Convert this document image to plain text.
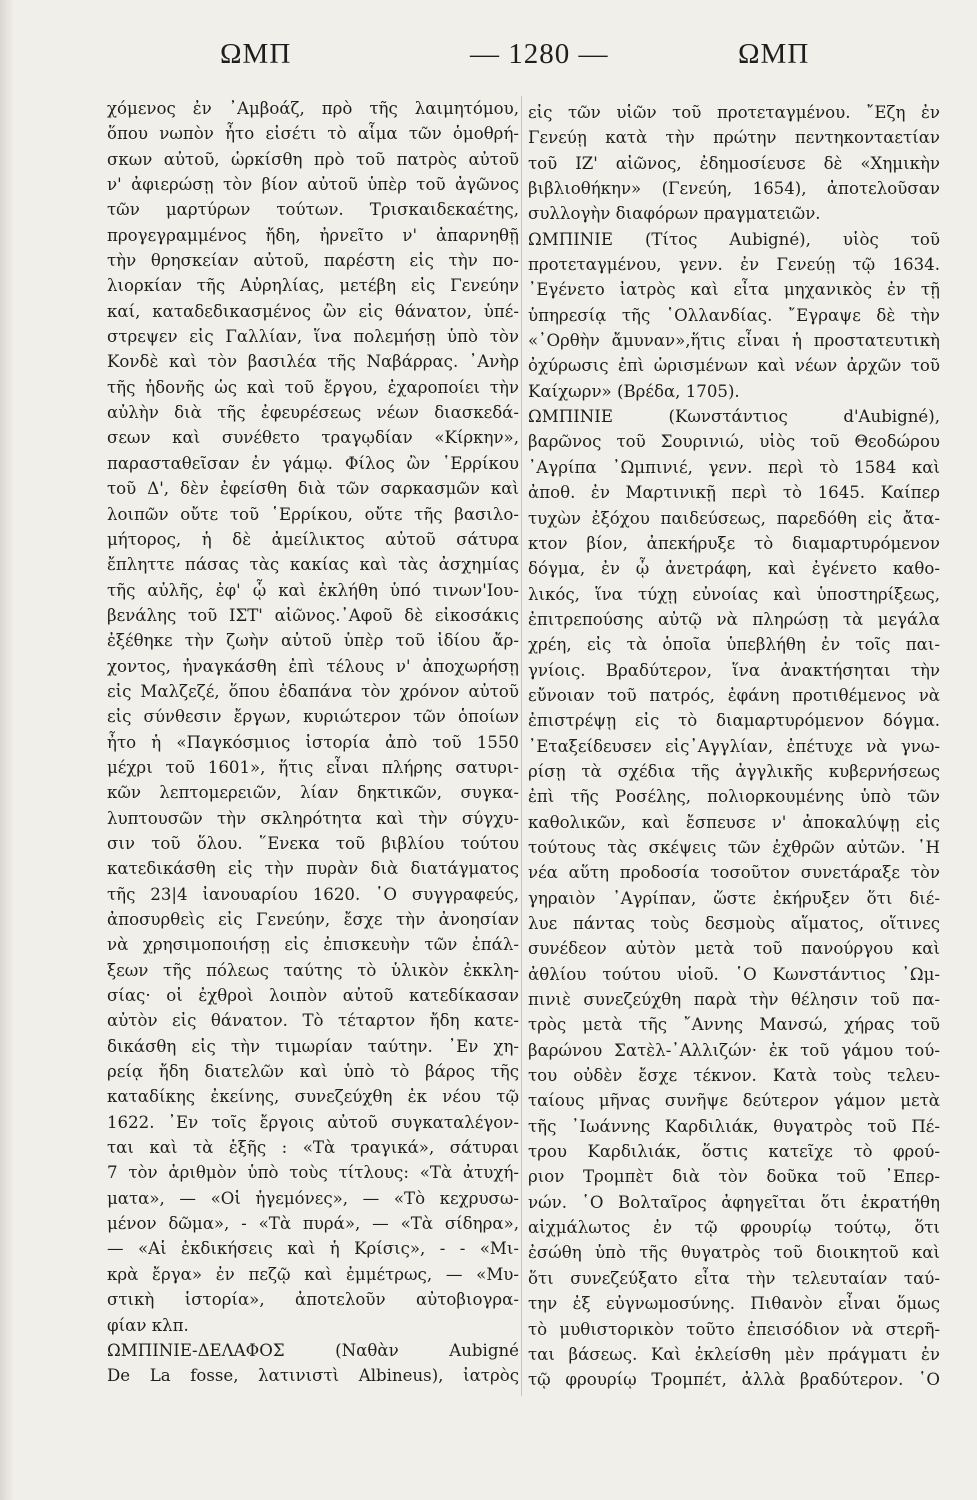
ΩΜΠ	— 1280 —	ΩΜΠ
χόμενος ἐν ᾿Αμβοάζ, πρὸ τῆς λαιμητόμου,
ὅπου νωπὸν ἦτο εἰσέτι τὸ αἷμα τῶν ὁμοθρή-
σκων αὐτοῦ, ὡρκίσθη πρὸ τοῦ πατρὸς αὐτοῦ
ν' ἀφιερώσῃ τὸν βίον αὐτοῦ ὑπὲρ τοῦ ἀγῶνος
τῶν μαρτύρων τούτων. Τρισκαιδεκαέτης,
προγεγραμμένος ἤδη, ἠρνεῖτο ν' ἀπαρνηθῇ
τὴν θρησκείαν αὐτοῦ, παρέστη εἰς τὴν πο-
λιορκίαν τῆς Αὐρηλίας, μετέβη εἰς Γενεύην
καί, καταδεδικασμένος ὢν εἰς θάνατον, ὑπέ-
στρεψεν εἰς Γαλλίαν, ἵνα πολεμήσῃ ὑπὸ τὸν
Κονδὲ καὶ τὸν βασιλέα τῆς Ναβάρρας. ᾿Ανὴρ
τῆς ἡδονῆς ὡς καὶ τοῦ ἔργου, ἐχαροποίει τὴν
αὐλὴν διὰ τῆς ἐφευρέσεως νέων διασκεδά-
σεων καὶ συνέθετο τραγῳδίαν «Κίρκην»,
παρασταθεῖσαν ἐν γάμῳ. Φίλος ὢν ῾Ερρίκου
τοῦ Δ', δὲν ἐφείσθη διὰ τῶν σαρκασμῶν καὶ
λοιπῶν οὔτε τοῦ ῾Ερρίκου, οὔτε τῆς βασιλο-
μήτορος, ἡ δὲ ἀμείλικτος αὐτοῦ σάτυρα
ἔπληττε πάσας τὰς κακίας καὶ τὰς ἀσχημίας
τῆς αὐλῆς, ἐφ' ᾧ καὶ ἐκλήθη ὑπό τινων'Ιου-
βενάλης τοῦ ΙΣΤ' αἰῶνος.᾿Αφοῦ δὲ εἰκοσάκις
ἐξέθηκε τὴν ζωὴν αὐτοῦ ὑπὲρ τοῦ ἰδίου ἄρ-
χοντος, ἠναγκάσθη ἐπὶ τέλους ν' ἀποχωρήσῃ
εἰς Μαλζεζέ, ὅπου ἐδαπάνα τὸν χρόνον αὐτοῦ
εἰς σύνθεσιν ἔργων, κυριώτερον τῶν ὁποίων
ἦτο ἡ «Παγκόσμιος ἱστορία ἀπὸ τοῦ 1550
μέχρι τοῦ 1601», ἥτις εἶναι πλήρης σατυρι-
κῶν λεπτομερειῶν, λίαν δηκτικῶν, συγκα-
λυπτουσῶν τὴν σκληρότητα καὶ τὴν σύγχυ-
σιν τοῦ ὅλου. ῞Ενεκα τοῦ βιβλίου τούτου
κατεδικάσθη εἰς τὴν πυρὰν διὰ διατάγματος
τῆς 23|4 ἰανουαρίου 1620. ῾Ο συγγραφεύς,
ἀποσυρθεὶς εἰς Γενεύην, ἔσχε τὴν ἀνοησίαν
νὰ χρησιμοποιήσῃ εἰς ἐπισκευὴν τῶν ἐπάλ-
ξεων τῆς πόλεως ταύτης τὸ ὑλικὸν ἐκκλη-
σίας· οἱ ἐχθροὶ λοιπὸν αὐτοῦ κατεδίκασαν
αὐτὸν εἰς θάνατον. Τὸ τέταρτον ἤδη κατε-
δικάσθη εἰς τὴν τιμωρίαν ταύτην. ᾿Εν χη-
ρείᾳ ἤδη διατελῶν καὶ ὑπὸ τὸ βάρος τῆς
καταδίκης ἐκείνης, συνεζεύχθη ἐκ νέου τῷ
1622. ᾿Εν τοῖς ἔργοις αὐτοῦ συγκαταλέγον-
ται καὶ τὰ ἑξῆς : «Τὰ τραγικά», σάτυραι
7 τὸν ἀριθμὸν ὑπὸ τοὺς τίτλους: «Τὰ ἀτυχή-
ματα», — «Οἱ ἡγεμόνες», — «Τὸ κεχρυσω-
μένον δῶμα», - «Τὰ πυρά», — «Τὰ σίδηρα»,
— «Αἱ ἐκδικήσεις καὶ ἡ Κρίσις», - - «Μι-
κρὰ ἔργα» ἐν πεζῷ καὶ ἐμμέτρως, — «Μυ-
στικὴ ἱστορία», ἀποτελοῦν αὐτοβιογρα-
φίαν κλπ.
ΩΜΠΙΝΙΕ-ΔΕΛΑΦΟΣ (Ναθὰν Aubigné
De La fosse, λατινιστὶ Albineus), ἰατρὸς
εἰς τῶν υἱῶν τοῦ προτεταγμένου. ῎Εζη ἐν
Γενεύῃ κατὰ τὴν πρώτην πεντηκονταετίαν
τοῦ ΙΖ' αἰῶνος, ἐδημοσίευσε δὲ «Χημικὴν
βιβλιοθήκην» (Γενεύη, 1654), ἀποτελοῦσαν
συλλογὴν διαφόρων πραγματειῶν.
ΩΜΠΙΝΙΕ (Τίτος Aubigné), υἱὸς τοῦ
προτεταγμένου, γενν. ἐν Γενεύῃ τῷ 1634.
᾿Εγένετο ἰατρὸς καὶ εἶτα μηχανικὸς ἐν τῇ
ὑπηρεσίᾳ τῆς ῾Ολλανδίας. ῎Εγραψε δὲ τὴν
«᾿Ορθὴν ἄμυναν»,ἥτις εἶναι ἡ προστατευτικὴ
ὀχύρωσις ἐπὶ ὡρισμένων καὶ νέων ἀρχῶν τοῦ
Καίχωρν» (Βρέδα, 1705).
ΩΜΠΙΝΙΕ (Κωνστάντιος d'Aubigné),
βαρῶνος τοῦ Σουρινιώ, υἱὸς τοῦ Θεοδώρου
᾿Αγρίπα ᾿Ωμπινιέ, γενν. περὶ τὸ 1584 καὶ
ἀποθ. ἐν Μαρτινικῇ περὶ τὸ 1645. Καίπερ
τυχὼν ἐξόχου παιδεύσεως, παρεδόθη εἰς ἄτα-
κτον βίον, ἀπεκήρυξε τὸ διαμαρτυρόμενον
δόγμα, ἐν ᾧ ἀνετράφη, καὶ ἐγένετο καθο-
λικός, ἵνα τύχῃ εὐνοίας καὶ ὑποστηρίξεως,
ἐπιτρεπούσης αὐτῷ νὰ πληρώσῃ τὰ μεγάλα
χρέη, εἰς τὰ ὁποῖα ὑπεβλήθη ἐν τοῖς παι-
γνίοις. Βραδύτερον, ἵνα ἀνακτήσηται τὴν
εὔνοιαν τοῦ πατρός, ἐφάνη προτιθέμενος νὰ
ἐπιστρέψῃ εἰς τὸ διαμαρτυρόμενον δόγμα.
᾿Εταξείδευσεν εἰς᾿Αγγλίαν, ἐπέτυχε νὰ γνω-
ρίσῃ τὰ σχέδια τῆς ἀγγλικῆς κυβερνήσεως
ἐπὶ τῆς Ροσέλης, πολιορκουμένης ὑπὸ τῶν
καθολικῶν, καὶ ἔσπευσε ν' ἀποκαλύψῃ εἰς
τούτους τὰς σκέψεις τῶν ἐχθρῶν αὐτῶν. ῾Η
νέα αὕτη προδοσία τοσοῦτον συνετάραξε τὸν
γηραιὸν ᾿Αγρίπαν, ὥστε ἐκήρυξεν ὅτι διέ-
λυε πάντας τοὺς δεσμοὺς αἵματος, οἵτινες
συνέδεον αὐτὸν μετὰ τοῦ πανούργου καὶ
ἀθλίου τούτου υἱοῦ. ῾Ο Κωνστάντιος ᾿Ωμ-
πινιὲ συνεζεύχθη παρὰ τὴν θέλησιν τοῦ πα-
τρὸς μετὰ τῆς ῎Αννης Μανσώ, χήρας τοῦ
βαρώνου Σατὲλ-᾿Αλλιζών· ἐκ τοῦ γάμου τού-
του οὐδὲν ἔσχε τέκνον. Κατὰ τοὺς τελευ-
ταίους μῆνας συνῆψε δεύτερον γάμον μετὰ
τῆς ᾿Ιωάννης Καρδιλιάκ, θυγατρὸς τοῦ Πέ-
τρου Καρδιλιάκ, ὅστις κατεῖχε τὸ φρού-
ριον Τρομπὲτ διὰ τὸν δοῦκα τοῦ ᾿Επερ-
νών. ῾Ο Βολταῖρος ἀφηγεῖται ὅτι ἐκρατήθη
αἰχμάλωτος ἐν τῷ φρουρίῳ τούτῳ, ὅτι
ἐσώθη ὑπὸ τῆς θυγατρὸς τοῦ διοικητοῦ καὶ
ὅτι συνεζεύξατο εἶτα τὴν τελευταίαν ταύ-
την ἐξ εὐγνωμοσύνης. Πιθανὸν εἶναι ὅμως
τὸ μυθιστορικὸν τοῦτο ἐπεισόδιον νὰ στερῆ-
ται βάσεως. Καὶ ἐκλείσθη μὲν πράγματι ἐν
τῷ φρουρίῳ Τρομπέτ, ἀλλὰ βραδύτερον. ῾Ο
